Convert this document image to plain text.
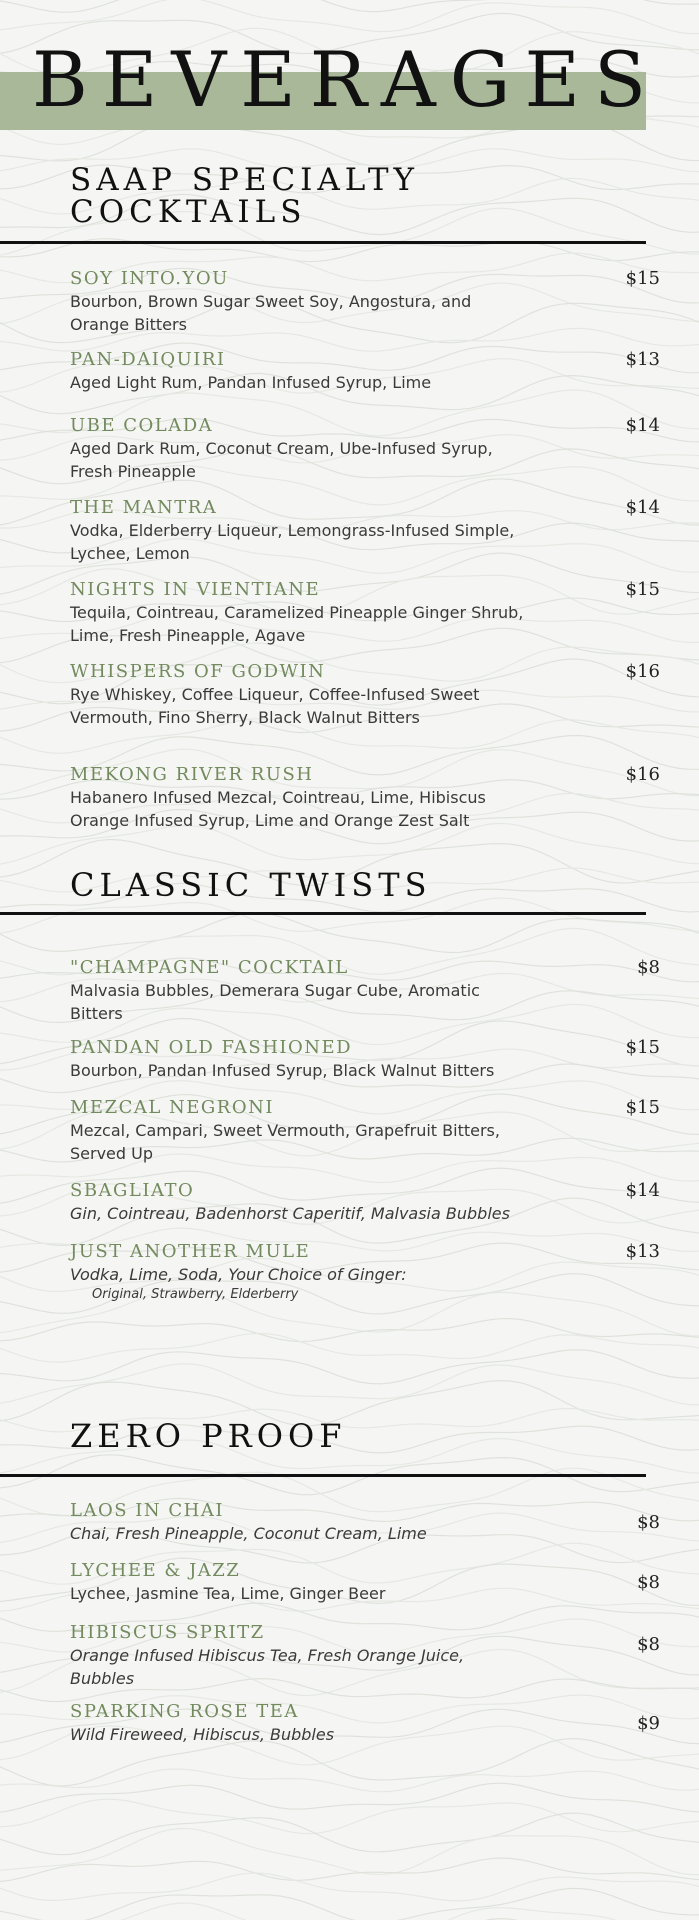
BEVERAGES
SAAP SPECIALTY COCKTAILS
SOY INTO.YOU
Bourbon, Brown Sugar Sweet Soy, Angostura, and Orange Bitters
$15
PAN-DAIQUIRI
Aged Light Rum, Pandan Infused Syrup, Lime
$13
UBE COLADA
Aged Dark Rum, Coconut Cream, Ube-Infused Syrup, Fresh Pineapple
$14
THE MANTRA
Vodka, Elderberry Liqueur, Lemongrass-Infused Simple, Lychee, Lemon
$14
NIGHTS IN VIENTIANE
Tequila, Cointreau, Caramelized Pineapple Ginger Shrub, Lime, Fresh Pineapple, Agave
$15
WHISPERS OF GODWIN
Rye Whiskey, Coffee Liqueur, Coffee-Infused Sweet Vermouth, Fino Sherry, Black Walnut Bitters
$16
MEKONG RIVER RUSH
Habanero Infused Mezcal, Cointreau, Lime, Hibiscus Orange Infused Syrup, Lime and Orange Zest Salt
$16
CLASSIC TWISTS
"CHAMPAGNE" COCKTAIL
Malvasia Bubbles, Demerara Sugar Cube, Aromatic Bitters
$8
PANDAN OLD FASHIONED
Bourbon, Pandan Infused Syrup, Black Walnut Bitters
$15
MEZCAL NEGRONI
Mezcal, Campari, Sweet Vermouth, Grapefruit Bitters, Served Up
$15
SBAGLIATO
Gin, Cointreau, Badenhorst Caperitif, Malvasia Bubbles
$14
JUST ANOTHER MULE
Vodka, Lime, Soda, Your Choice of Ginger:
Original, Strawberry, Elderberry
$13
ZERO PROOF
LAOS IN CHAI
Chai, Fresh Pineapple, Coconut Cream, Lime
$8
LYCHEE & JAZZ
Lychee, Jasmine Tea, Lime, Ginger Beer
$8
HIBISCUS SPRITZ
Orange Infused Hibiscus Tea, Fresh Orange Juice, Bubbles
$8
SPARKING ROSE TEA
Wild Fireweed, Hibiscus, Bubbles
$9
